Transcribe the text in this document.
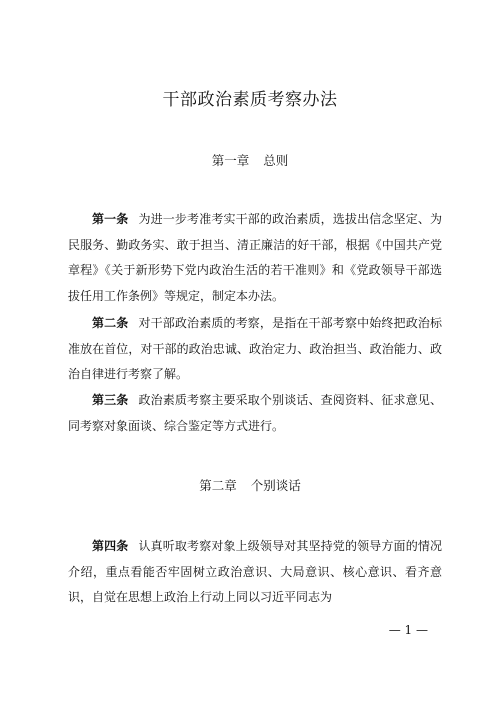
干部政治素质考察办法
第一章 总则

第一条 为进一步考准考实干部的政治素质，选拔出信念坚定、为民服务、勤政务实、敢于担当、清正廉洁的好干部，根据《中国共产党章程》《关于新形势下党内政治生活的若干准则》和《党政领导干部选拔任用工作条例》等规定，制定本办法。

第二条 对干部政治素质的考察，是指在干部考察中始终把政治标准放在首位，对干部的政治忠诚、政治定力、政治担当、政治能力、政治自律进行考察了解。

第三条 政治素质考察主要采取个别谈话、查阅资料、征求意见、同考察对象面谈、综合鉴定等方式进行。

第二章 个别谈话

第四条 认真听取考察对象上级领导对其坚持党的领导方面的情况介绍，重点看能否牢固树立政治意识、大局意识、核心意识、看齐意识，自觉在思想上政治上行动上同以习近平同志为

— 1 —
